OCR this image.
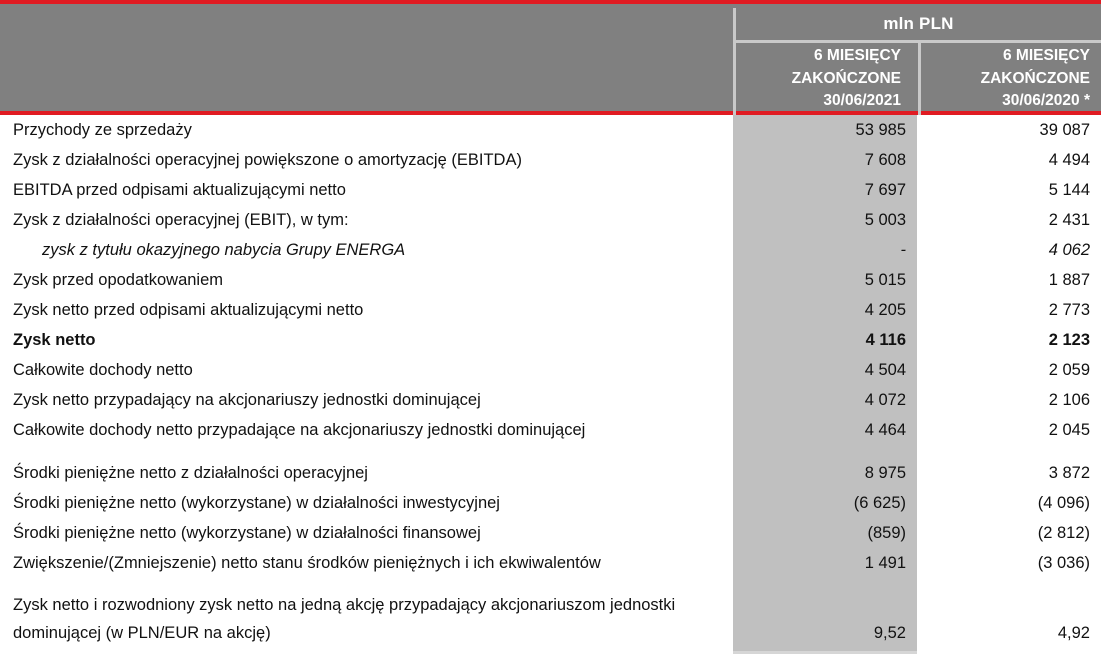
mln PLN
6 MIESIĘCY
ZAKOŃCZONE
30/06/2021
6 MIESIĘCY
ZAKOŃCZONE
30/06/2020 *
Przychody ze sprzedaży	53 985	39 087
Zysk z działalności operacyjnej powiększone o amortyzację (EBITDA)	7 608	4 494
EBITDA przed odpisami aktualizującymi netto	7 697	5 144
Zysk z działalności operacyjnej (EBIT), w tym:	5 003	2 431
zysk z tytułu okazyjnego nabycia Grupy ENERGA	-	4 062
Zysk przed opodatkowaniem	5 015	1 887
Zysk netto przed odpisami aktualizującymi netto	4 205	2 773
Zysk netto	4 116	2 123
Całkowite dochody netto	4 504	2 059
Zysk netto przypadający na akcjonariuszy jednostki dominującej	4 072	2 106
Całkowite dochody netto przypadające na akcjonariuszy jednostki dominującej	4 464	2 045
Środki pieniężne netto z działalności operacyjnej	8 975	3 872
Środki pieniężne netto (wykorzystane) w działalności inwestycyjnej	(6 625)	(4 096)
Środki pieniężne netto (wykorzystane) w działalności finansowej	(859)	(2 812)
Zwiększenie/(Zmniejszenie) netto stanu środków pieniężnych i ich ekwiwalentów	1 491	(3 036)
Zysk netto i rozwodniony zysk netto na jedną akcję przypadający akcjonariuszom jednostki dominującej (w PLN/EUR na akcję)	9,52	4,92
